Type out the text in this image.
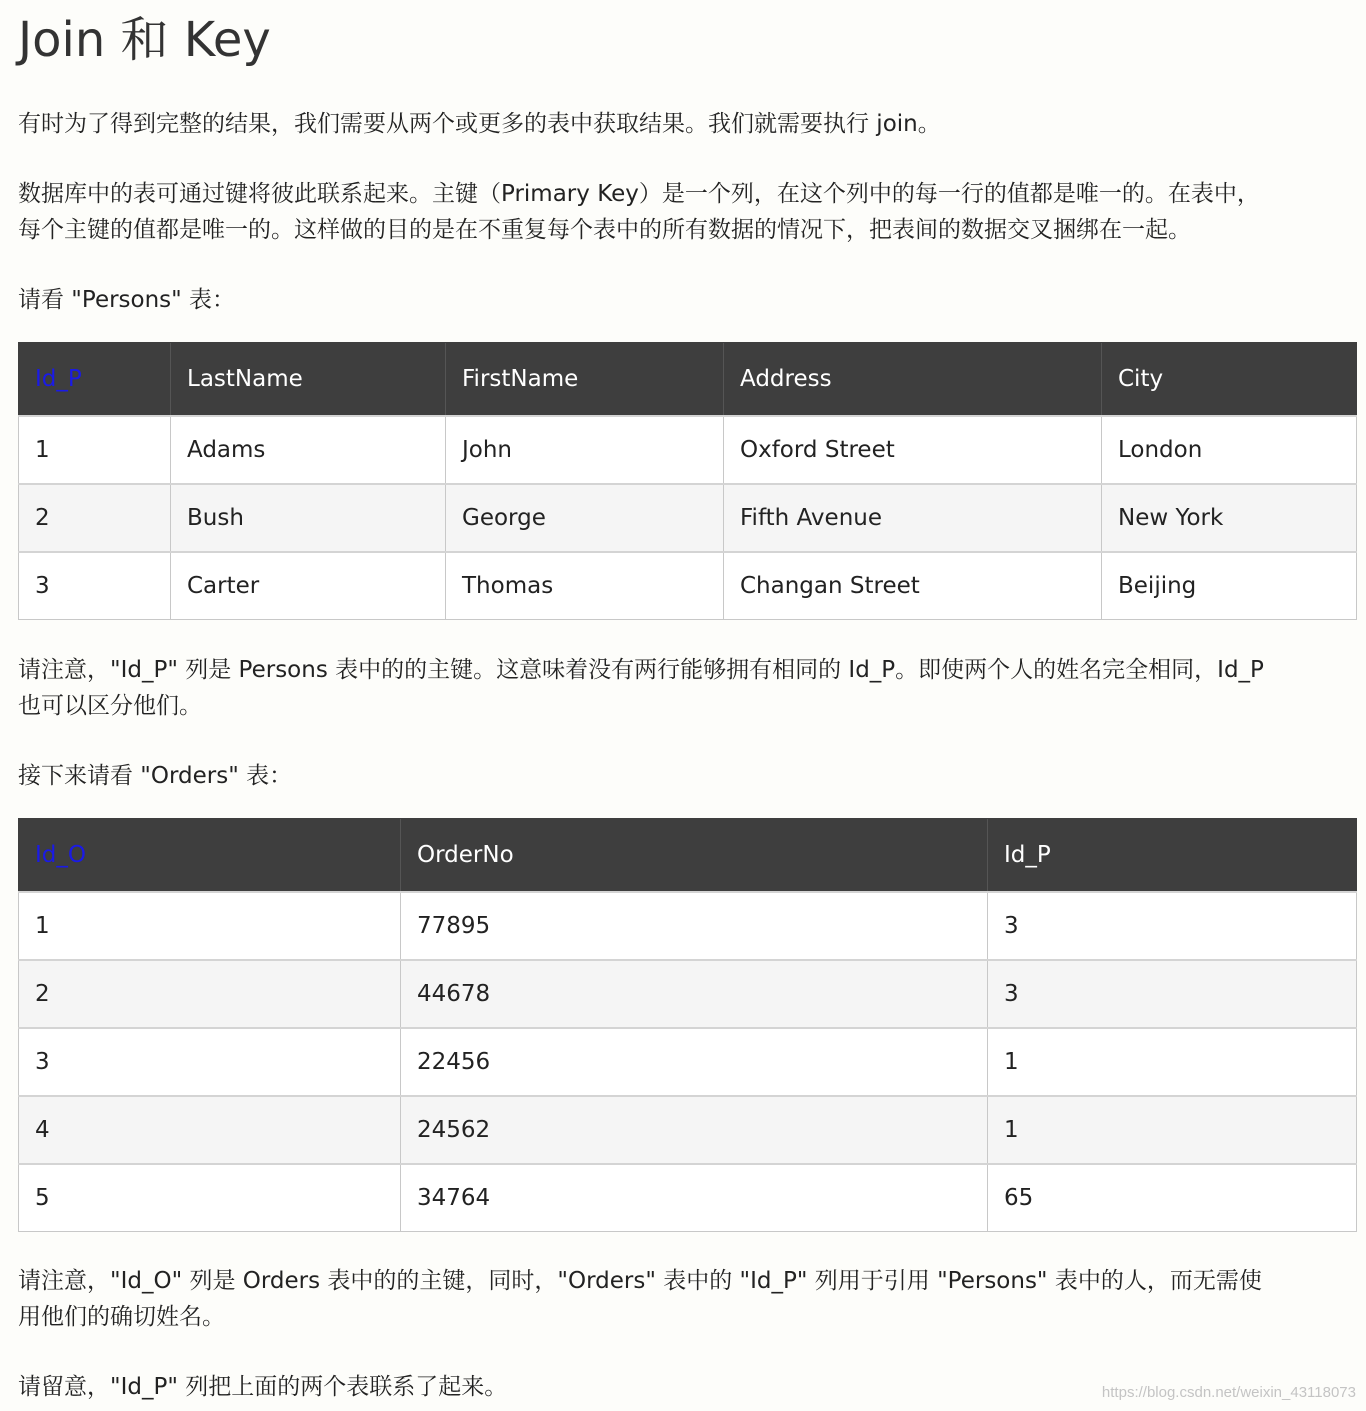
Join 和 Key

有时为了得到完整的结果，我们需要从两个或更多的表中获取结果。我们就需要执行 join。

数据库中的表可通过键将彼此联系起来。主键（Primary Key）是一个列，在这个列中的每一行的值都是唯一的。在表中，

每个主键的值都是唯一的。这样做的目的是在不重复每个表中的所有数据的情况下，把表间的数据交叉捆绑在一起。

请看 "Persons" 表：

Id_P	LastName	FirstName	Address	City
1	Adams	John	Oxford Street	London
2	Bush	George	Fifth Avenue	New York
3	Carter	Thomas	Changan Street	Beijing

请注意，"Id_P" 列是 Persons 表中的的主键。这意味着没有两行能够拥有相同的 Id_P。即使两个人的姓名完全相同，Id_P

也可以区分他们。

接下来请看 "Orders" 表：

Id_O	OrderNo	Id_P
1	77895	3
2	44678	3
3	22456	1
4	24562	1
5	34764	65

请注意，"Id_O" 列是 Orders 表中的的主键，同时，"Orders" 表中的 "Id_P" 列用于引用 "Persons" 表中的人，而无需使

用他们的确切姓名。

请留意，"Id_P" 列把上面的两个表联系了起来。	https://blog.csdn.net/weixin_43118073
